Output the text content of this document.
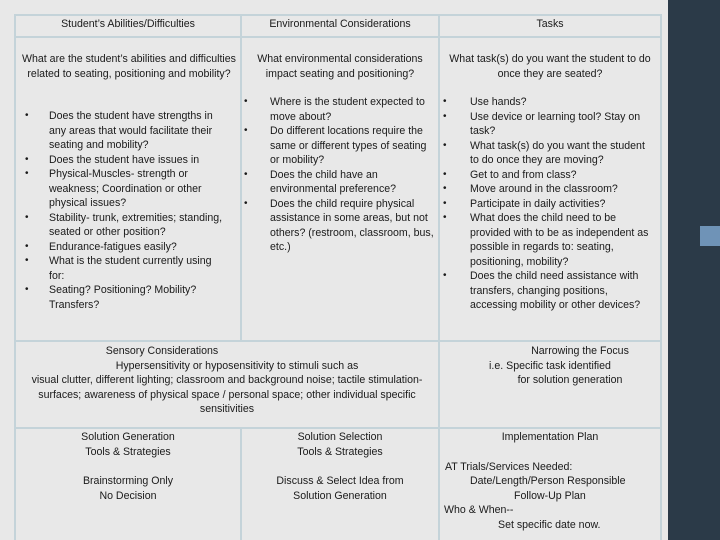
Student’s Abilities/Difficulties	Environmental Considerations	Tasks
What are the student’s abilities and difficulties related to seating, positioning and mobility?
What environmental considerations impact seating and positioning?
What task(s) do you want the student to do once they are seated?
• Does the student have strengths in any areas that would facilitate their seating and mobility?
• Does the student have issues in
• Physical-Muscles- strength or weakness; Coordination or other physical issues?
• Stability- trunk, extremities; standing, seated or other position?
• Endurance-fatigues easily?
• What is the student currently using for:
• Seating? Positioning? Mobility? Transfers?
• Where is the student expected to move about?
• Do different locations require the same or different types of seating or mobility?
• Does the child have an environmental preference?
• Does the child require physical assistance in some areas, but not others? (restroom, classroom, bus, etc.)
• Use hands?
• Use device or learning tool? Stay on task?
• What task(s) do you want the student to do once they are moving?
• Get to and from class?
• Move around in the classroom?
• Participate in daily activities?
• What does the child need to be provided with to be as independent as possible in regards to: seating, positioning, mobility?
• Does the child need assistance with transfers, changing positions, accessing mobility or other devices?
Sensory Considerations
Hypersensitivity or hyposensitivity to stimuli such as
visual clutter, different lighting; classroom and background noise; tactile stimulation-surfaces; awareness of physical space / personal space; other individual specific sensitivities
Narrowing the Focus
i.e. Specific task identified
for solution generation
Solution Generation
Tools & Strategies
Brainstorming Only
No Decision
Solution Selection
Tools & Strategies
Discuss & Select Idea from
Solution Generation
Implementation Plan
AT Trials/Services Needed:
Date/Length/Person Responsible
Follow-Up Plan
Who & When--
Set specific date now.
